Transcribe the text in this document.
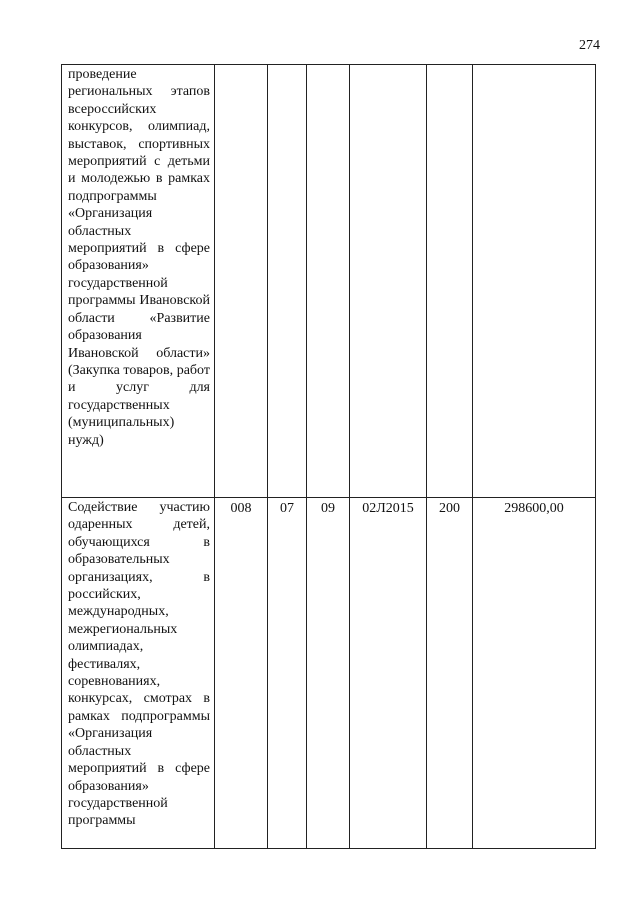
274
проведение региональных этапов всероссийских конкурсов, олимпиад, выставок, спортивных мероприятий с детьми и молодежью в рамках подпрограммы «Организация областных мероприятий в сфере образования» государственной программы Ивановской области «Развитие образования Ивановской области» (Закупка товаров, работ и услуг для государственных (муниципальных) нужд)						
Содействие участию одаренных детей, обучающихся в образовательных организациях, в российских, международных, межрегиональных олимпиадах, фестивалях, соревнованиях, конкурсах, смотрах в рамках подпрограммы «Организация областных мероприятий в сфере образования» государственной программы	008	07	09	02Л2015	200	298600,00
